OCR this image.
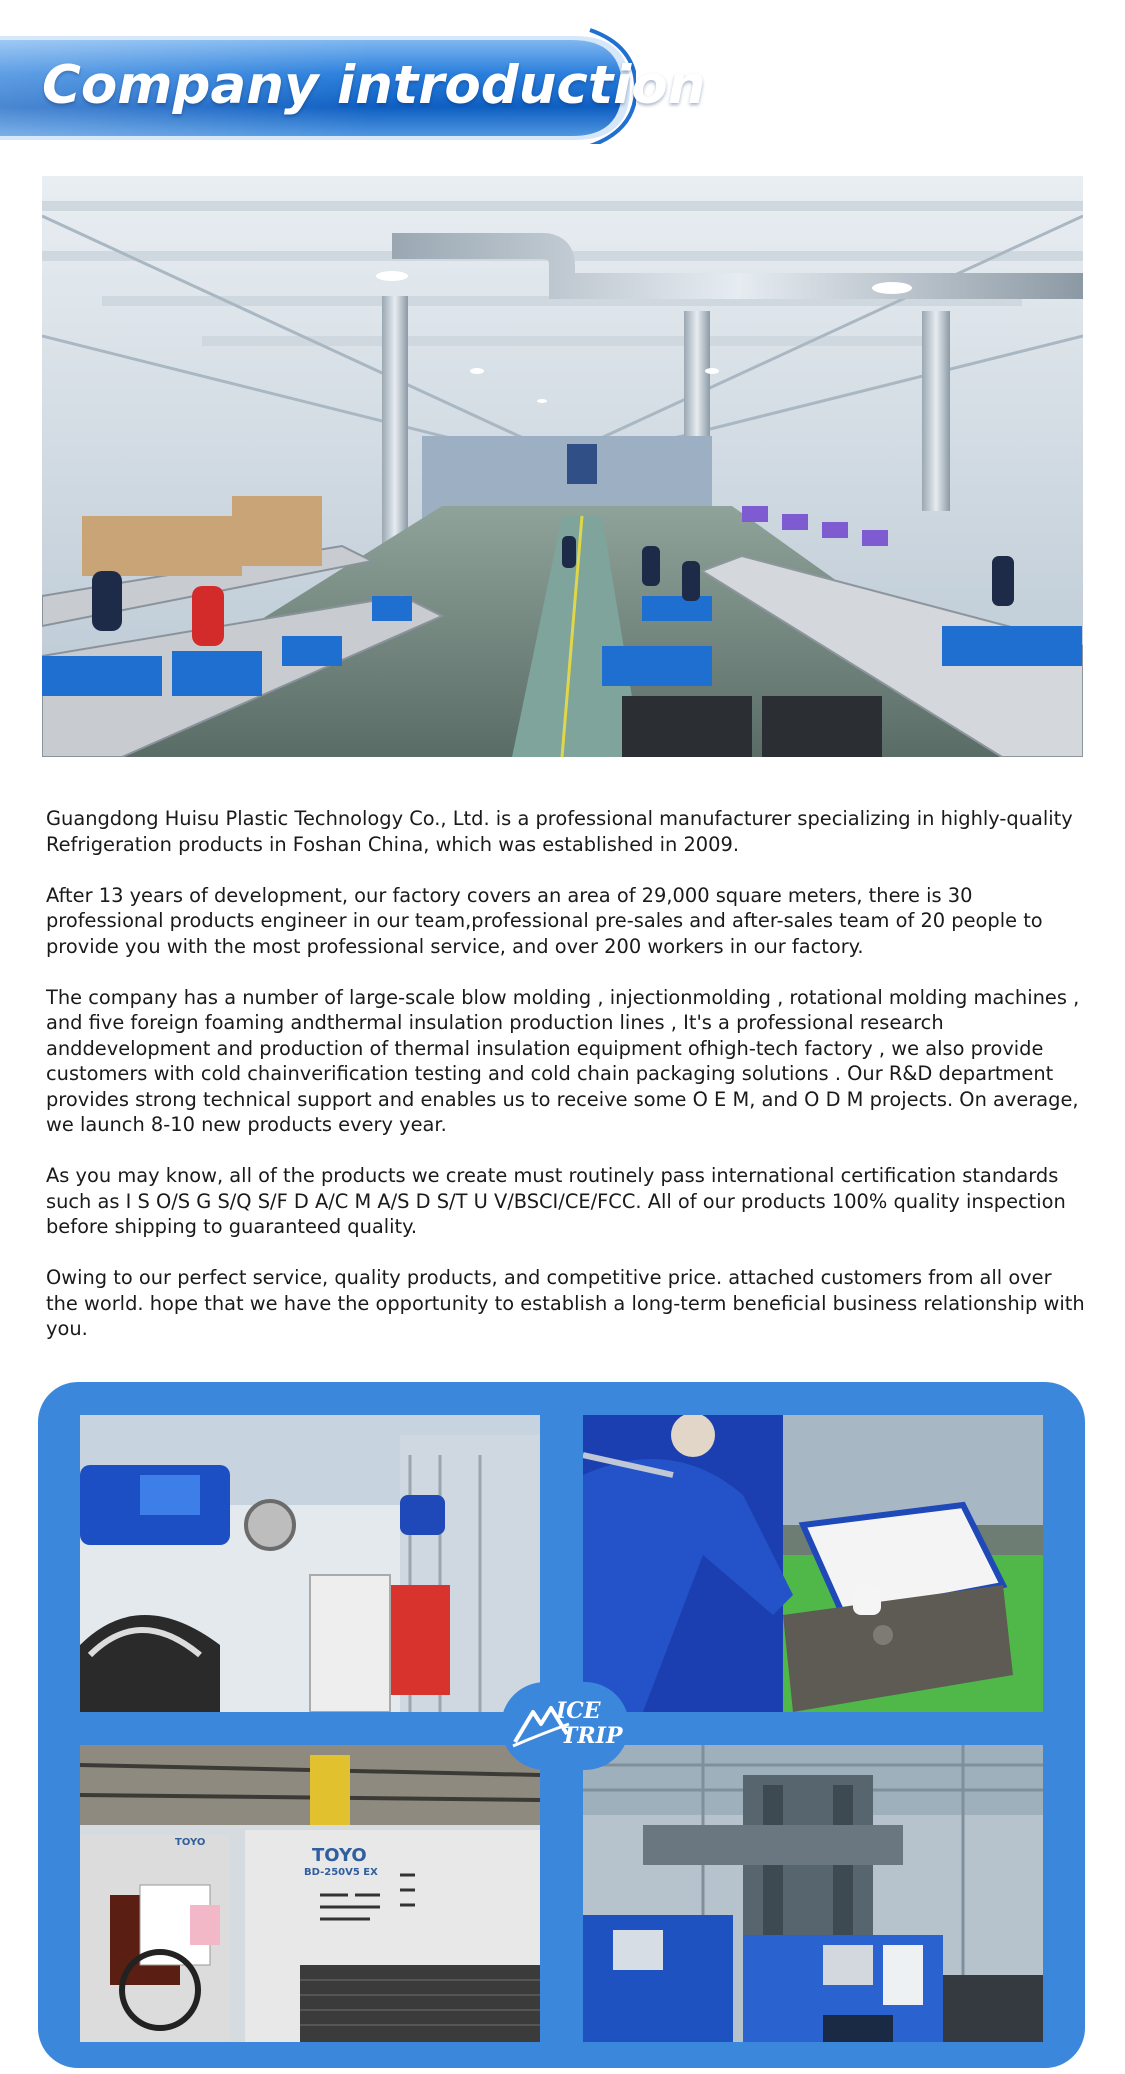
Company introduction

Guangdong Huisu Plastic Technology Co., Ltd. is a professional manufacturer specializing in highly-quality Refrigeration products in Foshan China, which was established in 2009.

After 13 years of development, our factory covers an area of 29,000 square meters, there is 30 professional products engineer in our team,professional pre-sales and after-sales team of 20 people to provide you with the most professional service, and over 200 workers in our factory.

The company has a number of large-scale blow molding , injectionmolding , rotational molding machines , and five foreign foaming andthermal insulation production lines , It's a professional research anddevelopment and production of thermal insulation equipment ofhigh-tech factory , we also provide customers with cold chainverification testing and cold chain packaging solutions . Our R&D department provides strong technical support and enables us to receive some O E M, and O D M projects. On average, we launch 8-10 new products every year.

As you may know, all of the products we create must routinely pass international certification standards such as I S O/S G S/Q S/F D A/C M A/S D S/T U V/BSCI/CE/FCC. All of our products 100% quality inspection before shipping to guaranteed quality.

Owing to our perfect service, quality products, and competitive price. attached customers from all over the world. hope that we have the opportunity to establish a long-term beneficial business relationship with you.

TOYO
BD-250V5 EX
TOYO
ICE
TRIP
